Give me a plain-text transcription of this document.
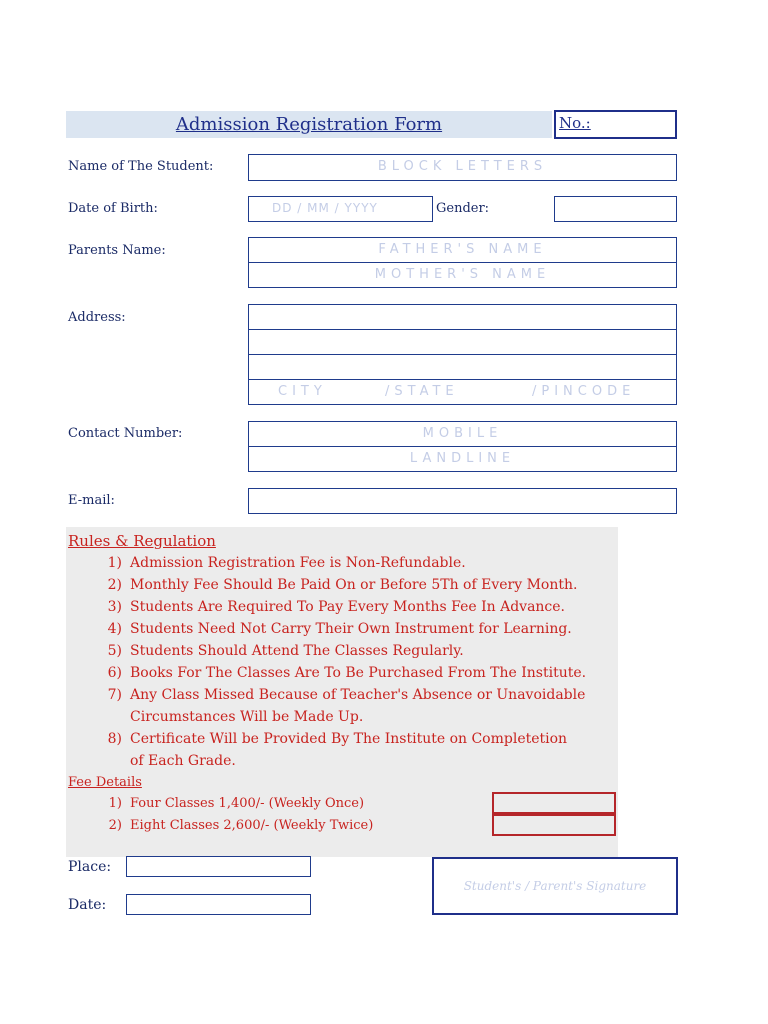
Admission Registration Form	No.:
Name of The Student:	BLOCK LETTERS
Date of Birth:	DD / MM / YYYY	Gender:
Parents Name:	FATHER'S NAME
MOTHER'S NAME
Address:
CITY	/STATE	/PINCODE
Contact Number:	MOBILE
LANDLINE
E-mail:
Rules & Regulation
1) Admission Registration Fee is Non-Refundable.
2) Monthly Fee Should Be Paid On or Before 5Th of Every Month.
3) Students Are Required To Pay Every Months Fee In Advance.
4) Students Need Not Carry Their Own Instrument for Learning.
5) Students Should Attend The Classes Regularly.
6) Books For The Classes Are To Be Purchased From The Institute.
7) Any Class Missed Because of Teacher's Absence or Unavoidable
Circumstances Will be Made Up.
8) Certificate Will be Provided By The Institute on Completetion
of Each Grade.
Fee Details
1) Four Classes 1,400/- (Weekly Once)
2) Eight Classes 2,600/- (Weekly Twice)
Place:
Date:
Student's / Parent's Signature
